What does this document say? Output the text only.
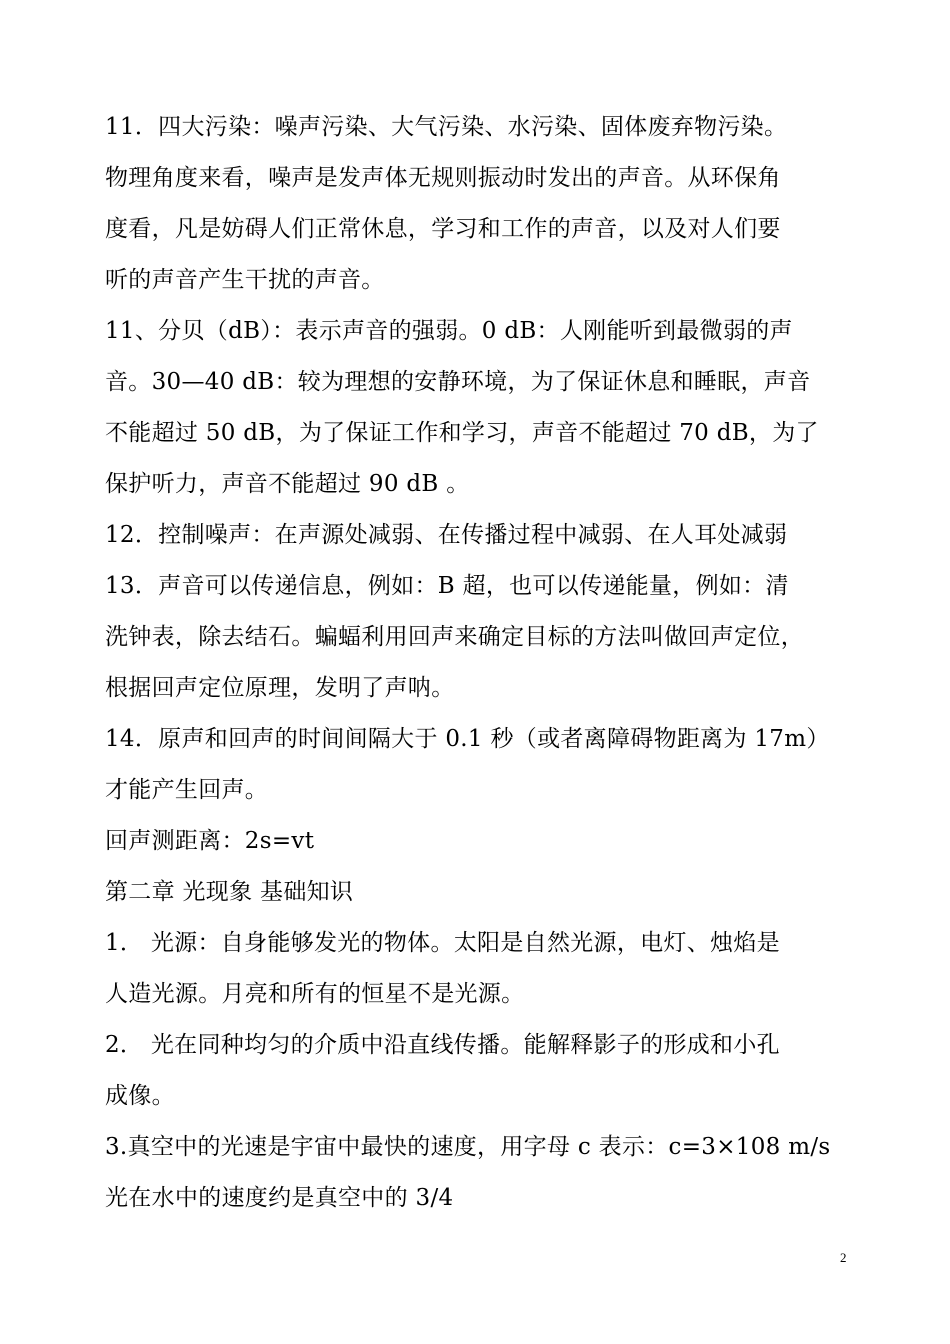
11．四大污染：噪声污染、大气污染、水污染、固体废弃物污染。
物理角度来看，噪声是发声体无规则振动时发出的声音。从环保角
度看，凡是妨碍人们正常休息，学习和工作的声音，以及对人们要
听的声音产生干扰的声音。
11、分贝（dB）：表示声音的强弱。0 dB：人刚能听到最微弱的声
音。30—40 dB：较为理想的安静环境，为了保证休息和睡眠，声音
不能超过 50 dB，为了保证工作和学习，声音不能超过 70 dB，为了
保护听力，声音不能超过 90 dB 。
12．控制噪声：在声源处减弱、在传播过程中减弱、在人耳处减弱
13．声音可以传递信息，例如：B 超，也可以传递能量，例如：清
洗钟表，除去结石。蝙蝠利用回声来确定目标的方法叫做回声定位，
根据回声定位原理，发明了声呐。
14．原声和回声的时间间隔大于 0.1 秒（或者离障碍物距离为 17m）
才能产生回声。
回声测距离：2s=vt
第二章 光现象 基础知识
1． 光源：自身能够发光的物体。太阳是自然光源，电灯、烛焰是
人造光源。月亮和所有的恒星不是光源。
2． 光在同种均匀的介质中沿直线传播。能解释影子的形成和小孔
成像。
3.真空中的光速是宇宙中最快的速度，用字母 c 表示：c=3×108 m/s
光在水中的速度约是真空中的 3/4
2
